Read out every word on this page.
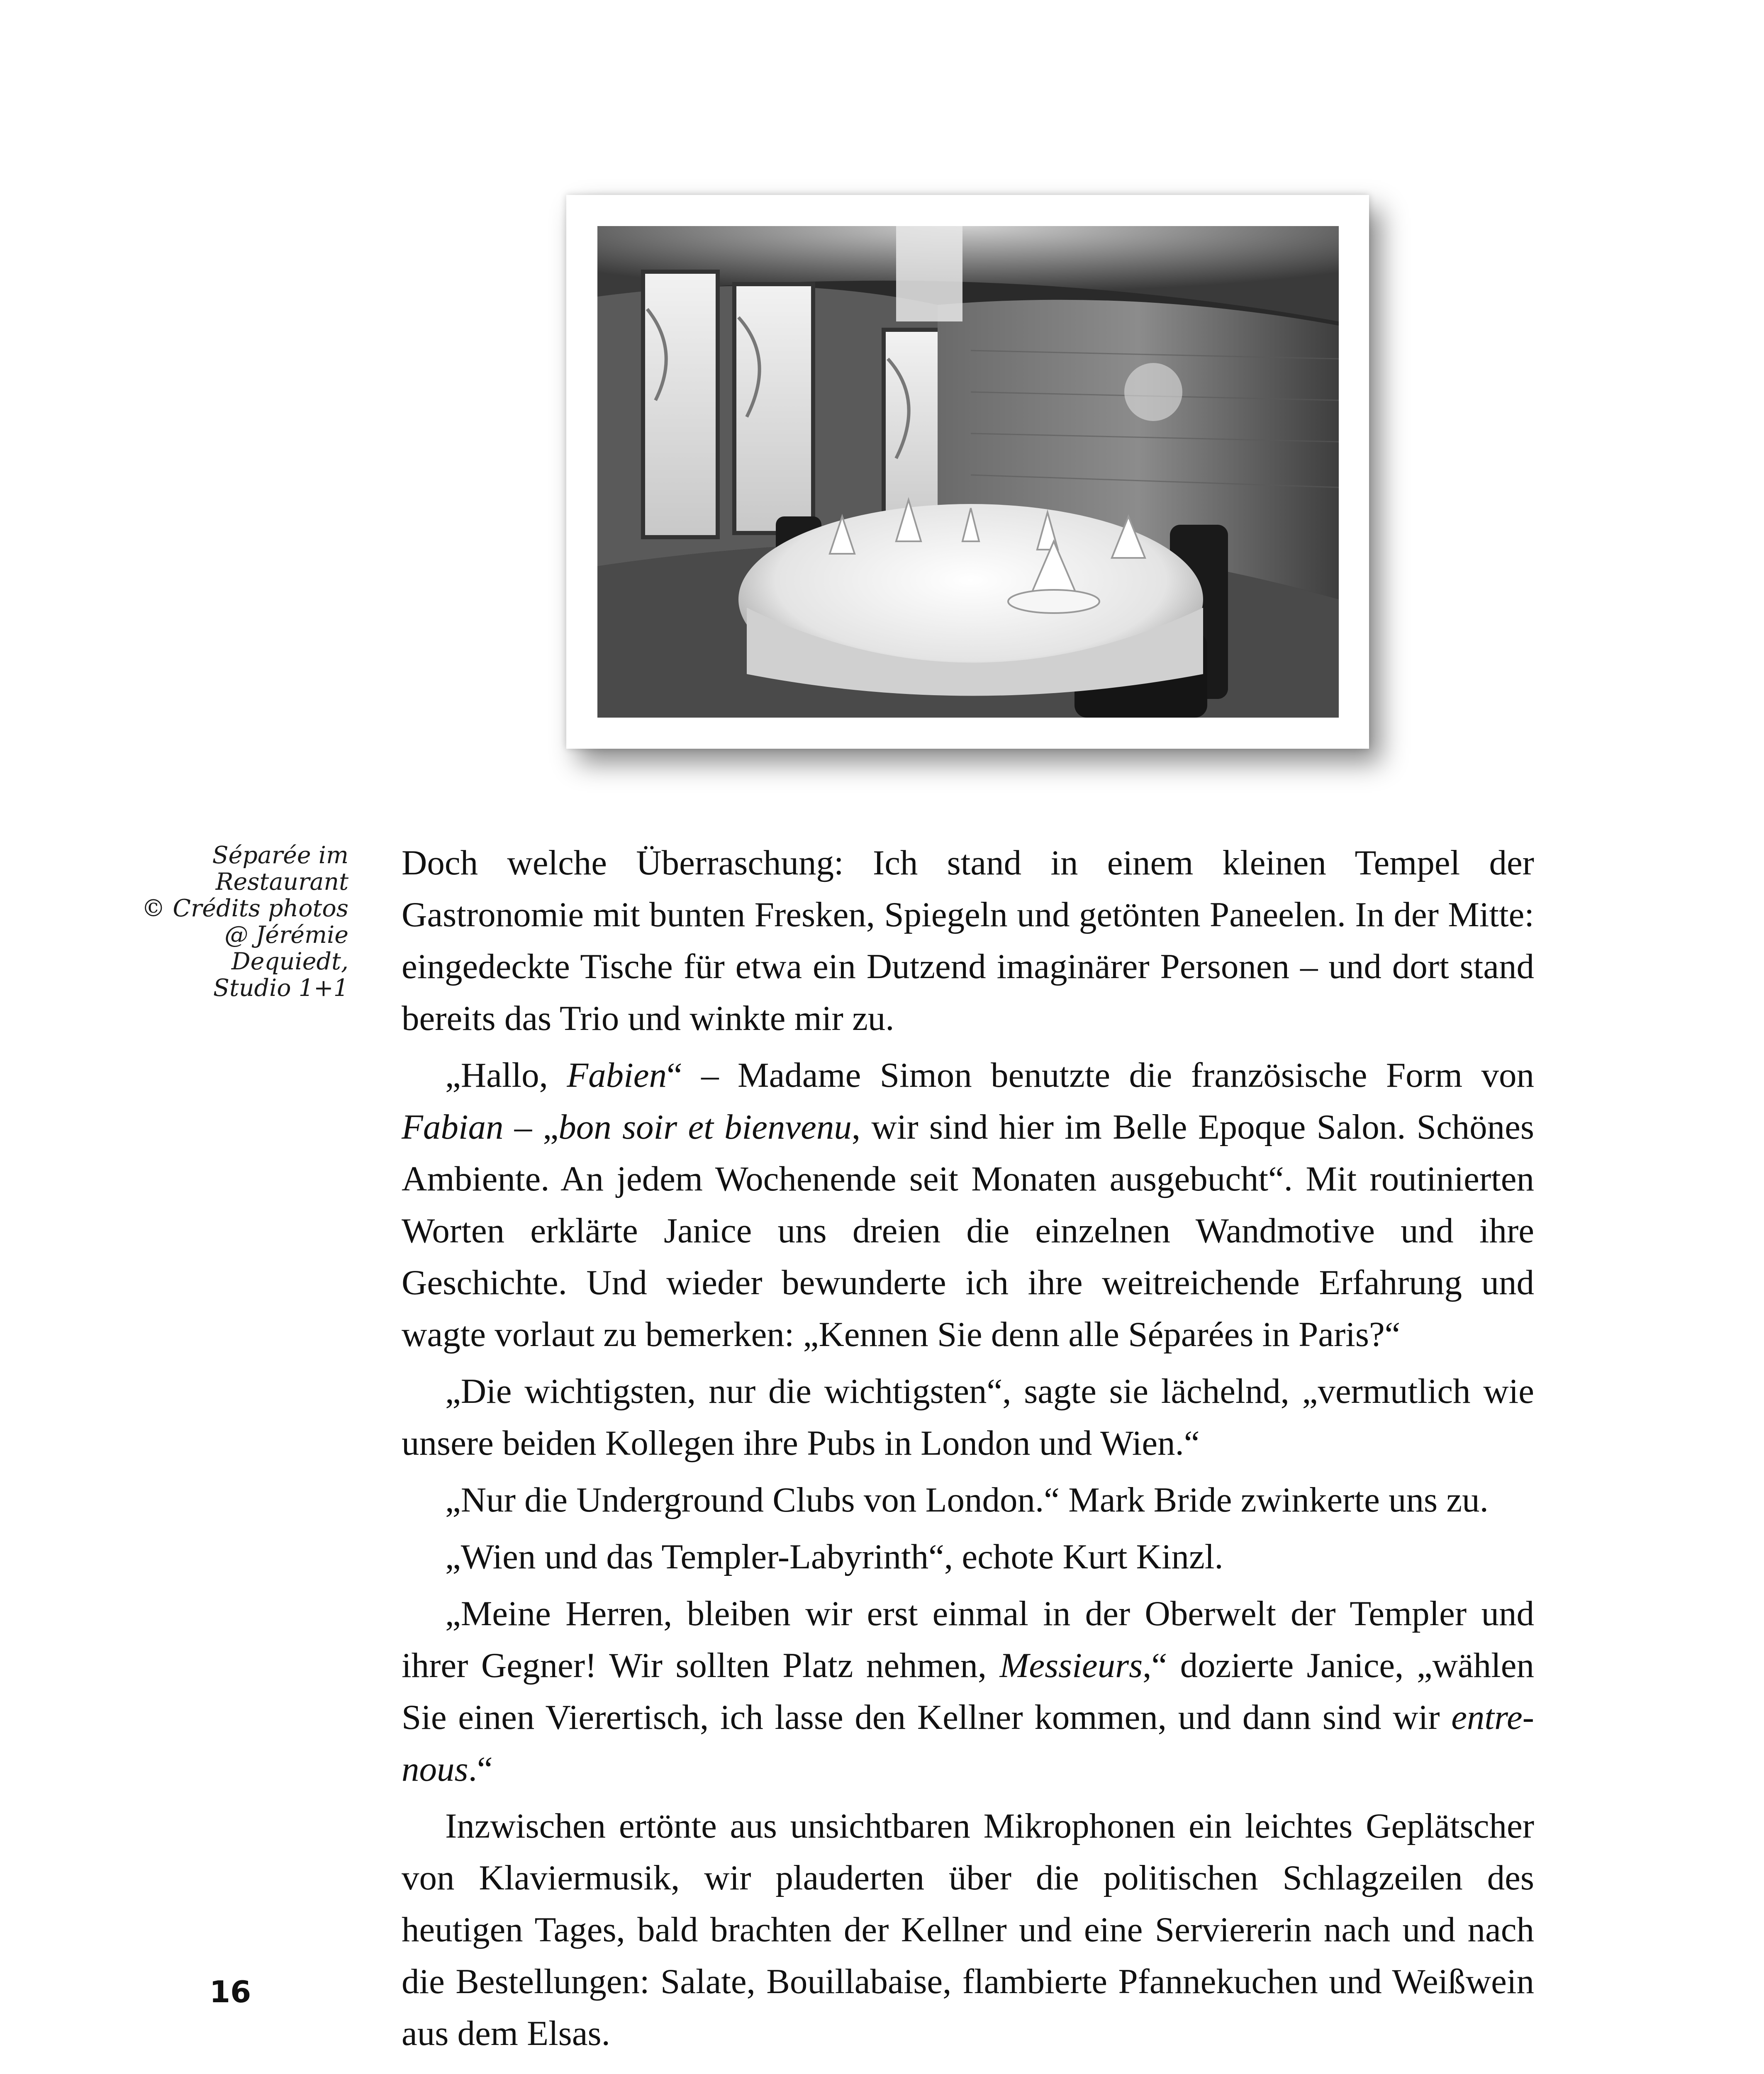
Séparée im
Restaurant
© Crédits photos
@ Jérémie
Dequiedt,
Studio 1+1

Doch welche Überraschung: Ich stand in einem kleinen Tempel der Gastronomie mit bunten Fresken, Spiegeln und getönten Paneelen. In der Mitte: eingedeckte Tische für etwa ein Dutzend imaginärer Personen – und dort stand bereits das Trio und winkte mir zu.

„Hallo, Fabien“ – Madame Simon benutzte die französische Form von Fabian – „bon soir et bienvenu, wir sind hier im Belle Epoque Salon. Schönes Ambiente. An jedem Wochenende seit Monaten ausgebucht“. Mit routinierten Worten erklärte Janice uns dreien die einzelnen Wandmotive und ihre Geschichte. Und wieder bewunderte ich ihre weitreichende Erfahrung und wagte vorlaut zu bemerken: „Kennen Sie denn alle Séparées in Paris?“

„Die wichtigsten, nur die wichtigsten“, sagte sie lächelnd, „vermutlich wie unsere beiden Kollegen ihre Pubs in London und Wien.“

„Nur die Underground Clubs von London.“ Mark Bride zwinkerte uns zu.

„Wien und das Templer-Labyrinth“, echote Kurt Kinzl.

„Meine Herren, bleiben wir erst einmal in der Oberwelt der Templer und ihrer Gegner! Wir sollten Platz nehmen, Messieurs,“ dozierte Janice, „wählen Sie einen Vierertisch, ich lasse den Kellner kommen, und dann sind wir entre-nous.“

Inzwischen ertönte aus unsichtbaren Mikrophonen ein leichtes Geplätscher von Klaviermusik, wir plauderten über die politischen Schlagzeilen des heutigen Tages, bald brachten der Kellner und eine Serviererin nach und nach die Bestellungen: Salate, Bouillabaise, flambierte Pfannekuchen und Weißwein aus dem Elsas.

16
